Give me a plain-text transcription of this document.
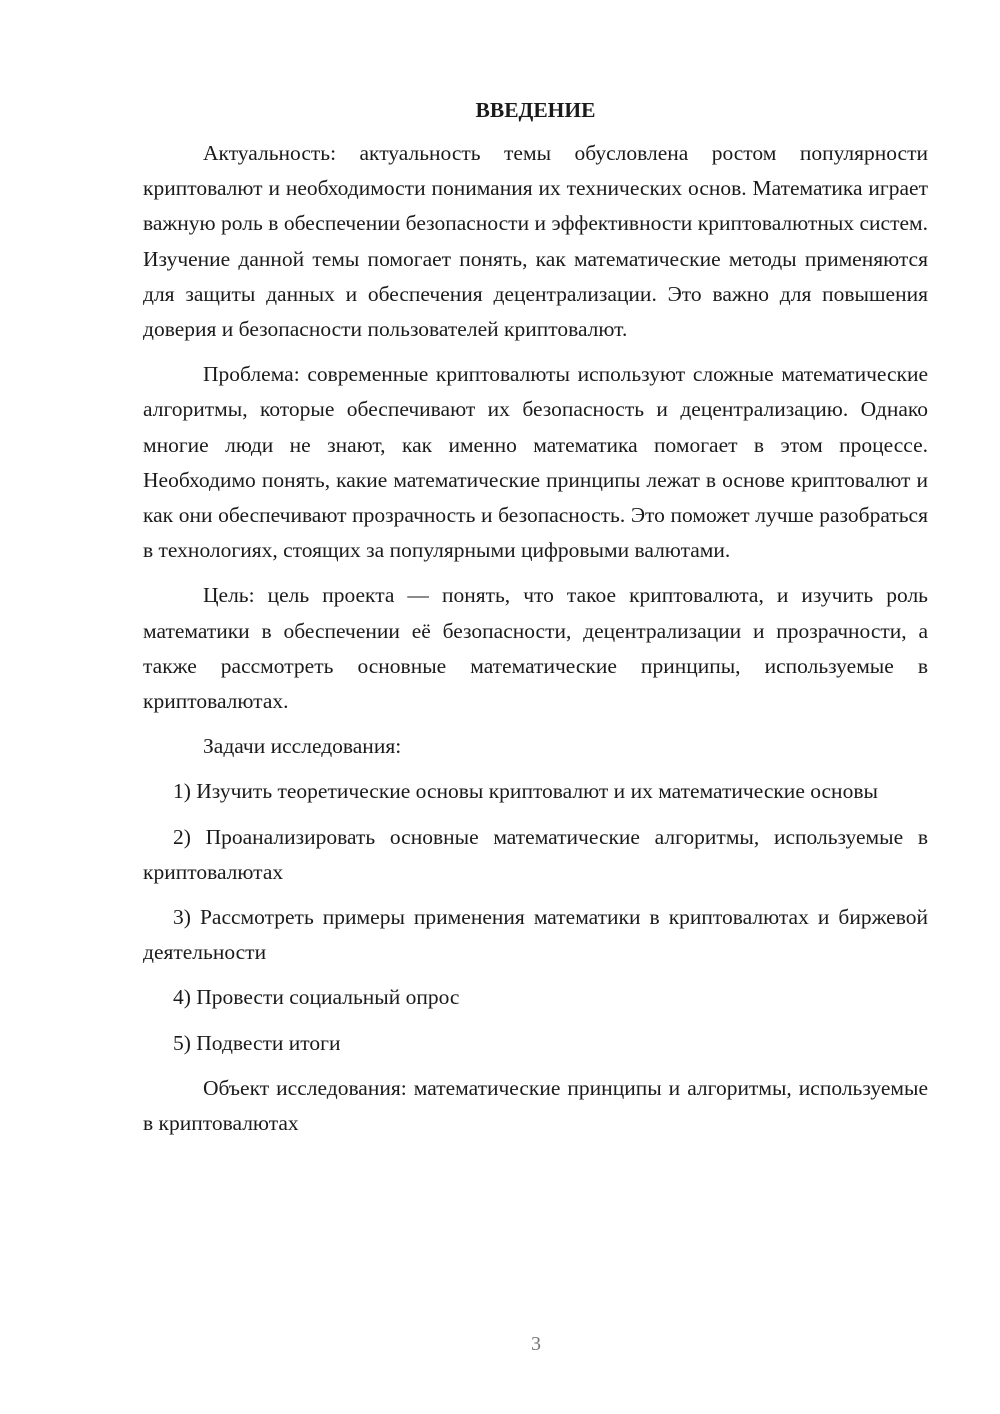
ВВЕДЕНИЕ

Актуальность: актуальность темы обусловлена ростом популярности криптовалют и необходимости понимания их технических основ. Математика играет важную роль в обеспечении безопасности и эффективности криптовалютных систем. Изучение данной темы помогает понять, как математические методы применяются для защиты данных и обеспечения децентрализации. Это важно для повышения доверия и безопасности пользователей криптовалют.

Проблема: современные криптовалюты используют сложные математические алгоритмы, которые обеспечивают их безопасность и децентрализацию. Однако многие люди не знают, как именно математика помогает в этом процессе. Необходимо понять, какие математические принципы лежат в основе криптовалют и как они обеспечивают прозрачность и безопасность. Это поможет лучше разобраться в технологиях, стоящих за популярными цифровыми валютами.

Цель: цель проекта — понять, что такое криптовалюта, и изучить роль математики в обеспечении её безопасности, децентрализации и прозрачности, а также рассмотреть основные математические принципы, используемые в криптовалютах.

Задачи исследования:

1) Изучить теоретические основы криптовалют и их математические основы

2) Проанализировать основные математические алгоритмы, используемые в криптовалютах

3) Рассмотреть примеры применения математики в криптовалютах и биржевой деятельности

4) Провести социальный опрос

5) Подвести итоги

Объект исследования: математические принципы и алгоритмы, используемые в криптовалютах

3
